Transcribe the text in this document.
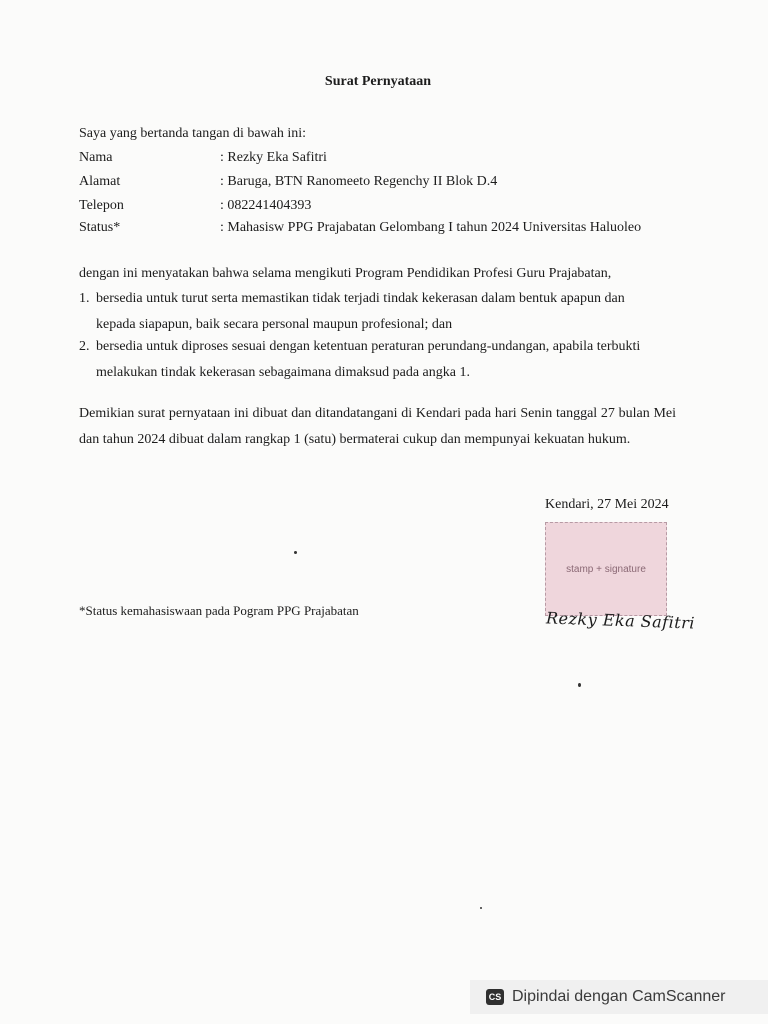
Surat Pernyataan
Saya yang bertanda tangan di bawah ini:
Nama	: Rezky Eka Safitri
Alamat	: Baruga, BTN Ranomeeto Regenchy II Blok D.4
Telepon	: 082241404393
Status*	: Mahasisw PPG Prajabatan Gelombang I tahun 2024 Universitas Haluoleo
dengan ini menyatakan bahwa selama mengikuti Program Pendidikan Profesi Guru Prajabatan,
1. bersedia untuk turut serta memastikan tidak terjadi tindak kekerasan dalam bentuk apapun dan
kepada siapapun, baik secara personal maupun profesional; dan
2. bersedia untuk diproses sesuai dengan ketentuan peraturan perundang-undangan, apabila terbukti
melakukan tindak kekerasan sebagaimana dimaksud pada angka 1.
Demikian surat pernyataan ini dibuat dan ditandatangani di Kendari pada hari Senin tanggal 27 bulan Mei dan tahun 2024 dibuat dalam rangkap 1 (satu) bermaterai cukup dan mempunyai kekuatan hukum.
Kendari, 27 Mei 2024
stamp + signature
Rezky Eka Safitri
*Status kemahasiswaan pada Pogram PPG Prajabatan
CS Dipindai dengan CamScanner
